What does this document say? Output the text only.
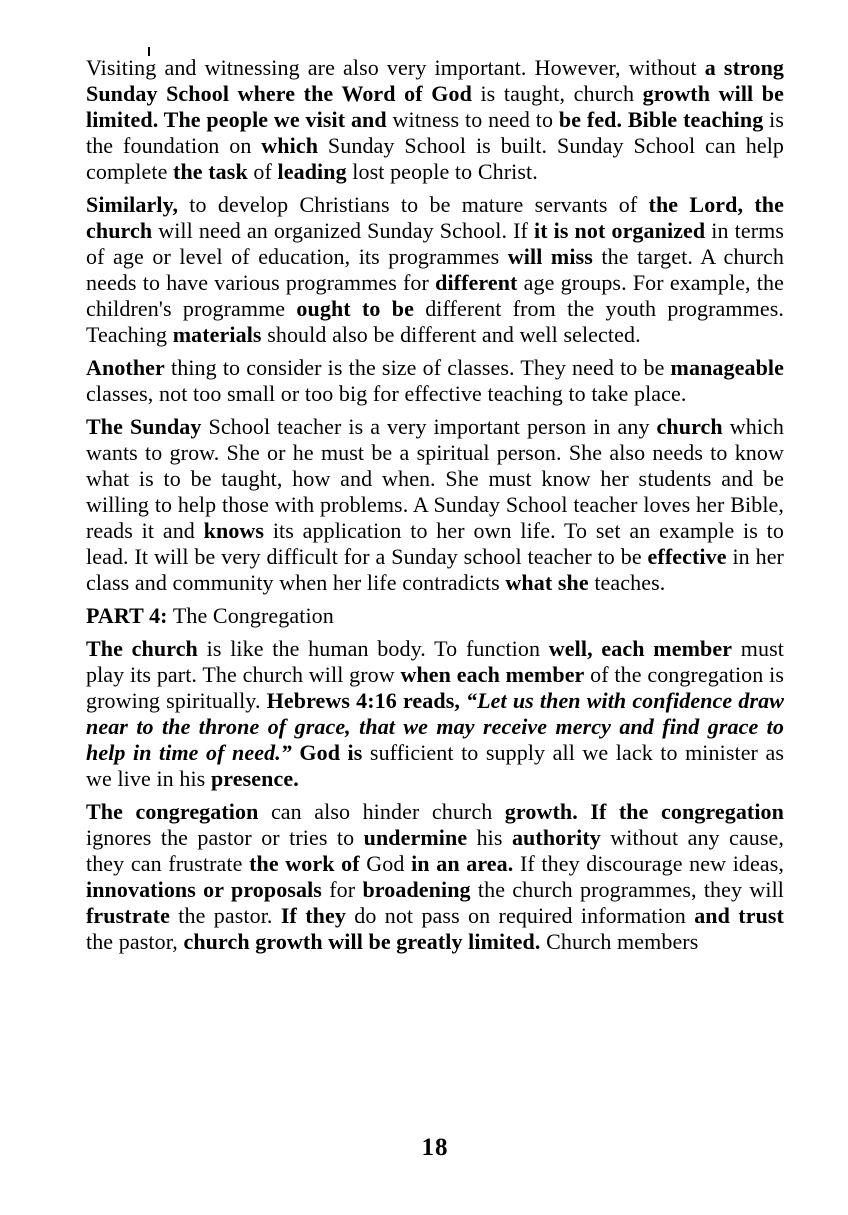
Visiting and witnessing are also very important. However, without a strong Sunday School where the Word of God is taught, church growth will be limited. The people we visit and witness to need to be fed. Bible teaching is the foundation on which Sunday School is built. Sunday School can help complete the task of leading lost people to Christ.

Similarly, to develop Christians to be mature servants of the Lord, the church will need an organized Sunday School. If it is not organized in terms of age or level of education, its programmes will miss the target. A church needs to have various programmes for different age groups. For example, the children's programme ought to be different from the youth programmes. Teaching materials should also be different and well selected.

Another thing to consider is the size of classes. They need to be manageable classes, not too small or too big for effective teaching to take place.

The Sunday School teacher is a very important person in any church which wants to grow. She or he must be a spiritual person. She also needs to know what is to be taught, how and when. She must know her students and be willing to help those with problems. A Sunday School teacher loves her Bible, reads it and knows its application to her own life. To set an example is to lead. It will be very difficult for a Sunday school teacher to be effective in her class and community when her life contradicts what she teaches.

PART 4: The Congregation

The church is like the human body. To function well, each member must play its part. The church will grow when each member of the congregation is growing spiritually. Hebrews 4:16 reads, “Let us then with confidence draw near to the throne of grace, that we may receive mercy and find grace to help in time of need.” God is sufficient to supply all we lack to minister as we live in his presence.

The congregation can also hinder church growth. If the congregation ignores the pastor or tries to undermine his authority without any cause, they can frustrate the work of God in an area. If they discourage new ideas, innovations or proposals for broadening the church programmes, they will frustrate the pastor. If they do not pass on required information and trust the pastor, church growth will be greatly limited. Church members

18
